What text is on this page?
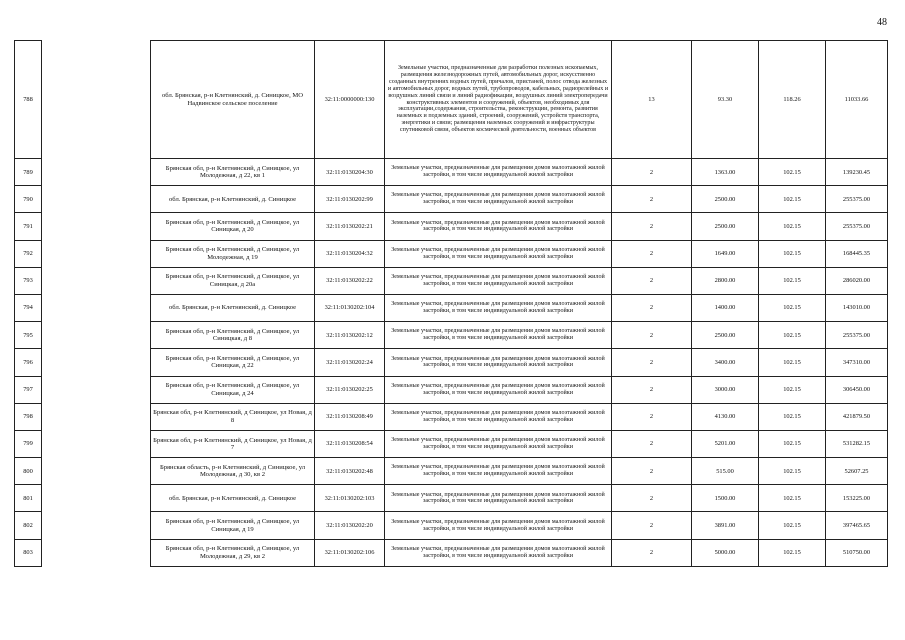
48
788		обл. Брянская, р-н Клетнянский, д. Синицкое, МО Надвинское сельское поселение	32:11:0000000:130	Земельные участки, предназначенные для разработки полезных ископаемых, размещения железнодорожных путей, автомобильных дорог, искусственно созданных внутренних водных путей, причалов, пристаней, полос отвода железных и автомобильных дорог, водных путей, трубопроводов, кабельных, радиорелейных и воздушных линий связи и линий радиофикации, воздушных линий электропередачи конструктивных элементов и сооружений, объектов, необходимых для эксплуатации,содержания, строительства, реконструкции, ремонта, развития наземных и подземных зданий, строений, сооружений, устройств транспорта, энергетики и связи; размещения наземных сооружений и инфраструктуры спутниковой связи, объектов космической деятельности, военных объектов	13	93.30	118.26	11033.66
789		Брянская обл, р-н Клетнянский, д Синицкое, ул Молодежная, д 22, кв 1	32:11:0130204:30	Земельные участки, предназначенные для размещения домов малоэтажной жилой застройки, в том числе индивидуальной жилой застройки	2	1363.00	102.15	139230.45
790		обл. Брянская, р-н Клетнянский, д. Синицкое	32:11:0130202:99	Земельные участки, предназначенные для размещения домов малоэтажной жилой застройки, в том числе индивидуальной жилой застройки	2	2500.00	102.15	255375.00
791		Брянская обл, р-н Клетнянский, д Синицкое, ул Синицкая, д 20	32:11:0130202:21	Земельные участки, предназначенные для размещения домов малоэтажной жилой застройки, в том числе индивидуальной жилой застройки	2	2500.00	102.15	255375.00
792		Брянская обл, р-н Клетнянский, д Синицкое, ул Молодежная, д 19	32:11:0130204:32	Земельные участки, предназначенные для размещения домов малоэтажной жилой застройки, в том числе индивидуальной жилой застройки	2	1649.00	102.15	168445.35
793		Брянская обл, р-н Клетнянский, д Синицкое, ул Синицкая, д 20а	32:11:0130202:22	Земельные участки, предназначенные для размещения домов малоэтажной жилой застройки, в том числе индивидуальной жилой застройки	2	2800.00	102.15	286020.00
794		обл. Брянская, р-н Клетнянский, д. Синицкое	32:11:0130202:104	Земельные участки, предназначенные для размещения домов малоэтажной жилой застройки, в том числе индивидуальной жилой застройки	2	1400.00	102.15	143010.00
795		Брянская обл, р-н Клетнянский, д Синицкое, ул Синицкая, д 8	32:11:0130202:12	Земельные участки, предназначенные для размещения домов малоэтажной жилой застройки, в том числе индивидуальной жилой застройки	2	2500.00	102.15	255375.00
796		Брянская обл, р-н Клетнянский, д Синицкое, ул Синицкая, д 22	32:11:0130202:24	Земельные участки, предназначенные для размещения домов малоэтажной жилой застройки, в том числе индивидуальной жилой застройки	2	3400.00	102.15	347310.00
797		Брянская обл, р-н Клетнянский, д Синицкое, ул Синицкая, д 24	32:11:0130202:25	Земельные участки, предназначенные для размещения домов малоэтажной жилой застройки, в том числе индивидуальной жилой застройки	2	3000.00	102.15	306450.00
798		Брянская обл, р-н Клетнянский, д Синицкое, ул Новая, д 8	32:11:0130208:49	Земельные участки, предназначенные для размещения домов малоэтажной жилой застройки, в том числе индивидуальной жилой застройки	2	4130.00	102.15	421879.50
799		Брянская обл, р-н Клетнянский, д Синицкое, ул Новая, д 7	32:11:0130208:54	Земельные участки, предназначенные для размещения домов малоэтажной жилой застройки, в том числе индивидуальной жилой застройки	2	5201.00	102.15	531282.15
800		Брянская область, р-н Клетнянский, д Синицкое, ул Молодежная, д 30, кв 2	32:11:0130202:48	Земельные участки, предназначенные для размещения домов малоэтажной жилой застройки, в том числе индивидуальной жилой застройки	2	515.00	102.15	52607.25
801		обл. Брянская, р-н Клетнянский, д. Синицкое	32:11:0130202:103	Земельные участки, предназначенные для размещения домов малоэтажной жилой застройки, в том числе индивидуальной жилой застройки	2	1500.00	102.15	153225.00
802		Брянская обл, р-н Клетнянский, д Синицкое, ул Синицкая, д 19	32:11:0130202:20	Земельные участки, предназначенные для размещения домов малоэтажной жилой застройки, в том числе индивидуальной жилой застройки	2	3891.00	102.15	397465.65
803		Брянская обл, р-н Клетнянский, д Синицкое, ул Молодежная, д 29, кв 2	32:11:0130202:106	Земельные участки, предназначенные для размещения домов малоэтажной жилой застройки, в том числе индивидуальной жилой застройки	2	5000.00	102.15	510750.00
